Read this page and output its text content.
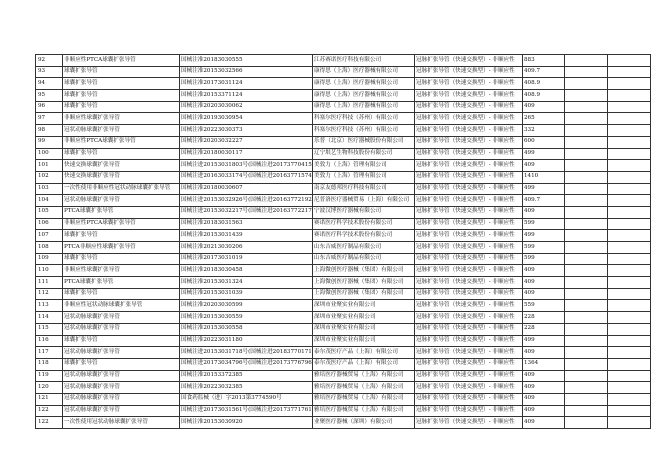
92	非顺应性PTCA球囊扩张导管	国械注准20183030555	江苏赛诺医疗科技有限公司	冠脉扩张导管（快速交换型）- 非顺应性	883		
93	球囊扩张导管	国械注准20153032566	康得思（上海）医疗器械有限公司	冠脉扩张导管（快速交换型）- 非顺应性	409.7		
94	球囊扩张导管	国械注准20173031124	康得思（上海）医疗器械有限公司	冠脉扩张导管（快速交换型）- 非顺应性	408.9		
95	球囊扩张导管	国械注准20153371124	康得思（上海）医疗器械有限公司	冠脉扩张导管（快速交换型）- 非顺应性	408.9		
96	球囊扩张导管	国械注准20203030062	康得思（上海）医疗器械有限公司	冠脉扩张导管（快速交换型）- 非顺应性	409		
97	非顺应性球囊扩张导管	国械注准20193030954	科塞尔医疗科技（苏州）有限公司	冠脉扩张导管（快速交换型）- 非顺应性	265		
98	冠状动脉球囊扩张导管	国械注准20223030373	科塞尔医疗科技（苏州）有限公司	冠脉扩张导管（快速交换型）- 非顺应性	332		
99	非顺应性PTCA球囊扩张导管	国械注准20203032227	乐普（北京）医疗器械股份有限公司	冠脉扩张导管（快速交换型）- 非顺应性	600		
100	球囊扩张导管	国械注准20180030117	辽宁垠艺生物科技股份有限公司	冠脉扩张导管（快速交换型）- 非顺应性	499		
101	快速交换球囊扩张导管	国械注进20153031803号(国械注进20173770415	美敦力（上海）管理有限公司	冠脉扩张导管（快速交换型）- 非顺应性	409		
102	快速交换球囊扩张导管	国械注进20163033174号(国械注进20163771574	美敦力（上海）管理有限公司	冠脉扩张导管（快速交换型）- 非顺应性	1410		
103	一次性使用非顺应性冠状动脉球囊扩张导管	国械注准20180030607	南京友德邦医疗科技有限公司	冠脉扩张导管（快速交换型）- 非顺应性	499		
104	冠状动脉球囊扩张导管	国械注进20153032926号(国械注进20163772192	尼普洛医疗器械贸易（上海）有限公司	冠脉扩张导管（快速交换型）- 非顺应性	409.7		
105	PTCA球囊扩张导管	国械注进20153032217号(国械注进20163772217	宁波汉博医疗器械有限公司	冠脉扩张导管（快速交换型）- 非顺应性	409		
106	非顺应性PTCA球囊扩张导管	国械注准20183031563	赛诺医疗科学技术股份有限公司	冠脉扩张导管（快速交换型）- 非顺应性	599		
107	球囊扩张导管	国械注准20153031439	赛诺医疗科学技术股份有限公司	冠脉扩张导管（快速交换型）- 非顺应性	499		
108	PTCA非顺应性球囊扩张导管	国械注准20213030206	山东吉威医疗制品有限公司	冠脉扩张导管（快速交换型）- 非顺应性	599		
109	球囊扩张导管	国械注准20173031019	山东吉威医疗制品有限公司	冠脉扩张导管（快速交换型）- 非顺应性	599		
110	非顺应性球囊扩张导管	国械注准20183030458	上海微创医疗器械（集团）有限公司	冠脉扩张导管（快速交换型）- 非顺应性	409		
111	PTCA球囊扩张导管	国械注准20153031324	上海微创医疗器械（集团）有限公司	冠脉扩张导管（快速交换型）- 非顺应性	409		
112	球囊扩张导管	国械注准20153031039	上海微创医疗器械（集团）有限公司	冠脉扩张导管（快速交换型）- 非顺应性	409		
113	非顺应性冠状动脉球囊扩张导管	国械注准20203030599	深圳市业聚实业有限公司	冠脉扩张导管（快速交换型）- 非顺应性	559		
114	冠状动脉球囊扩张导管	国械注准20153030559	深圳市业聚实业有限公司	冠脉扩张导管（快速交换型）- 非顺应性	228		
115	冠状动脉球囊扩张导管	国械注准20153030558	深圳市业聚实业有限公司	冠脉扩张导管（快速交换型）- 非顺应性	228		
116	球囊扩张导管	国械注准20223031180	深圳市业聚实业有限公司	冠脉扩张导管（快速交换型）- 非顺应性	499		
117	冠状动脉球囊扩张导管	国械注进20153031718号(国械注进20183770171	泰尔茂医疗产品（上海）有限公司	冠脉扩张导管（快速交换型）- 非顺应性	409		
118	球囊扩张导管	国械注进20173034796号(国械注进20173776796	泰尔茂医疗产品（上海）有限公司	冠脉扩张导管（快速交换型）- 非顺应性	1364		
119	冠状动脉球囊扩张导管	国械注准20153372385	雅培医疗器械贸易（上海）有限公司	冠脉扩张导管（快速交换型）- 非顺应性	409		
120	冠状动脉球囊扩张导管	国械注准20223032385	雅培医疗器械贸易（上海）有限公司	冠脉扩张导管（快速交换型）- 非顺应性	409		
121	冠状动脉球囊扩张导管	国食药监械（进）字2013第3774590号	雅培医疗器械贸易（上海）有限公司	冠脉扩张导管（快速交换型）- 非顺应性	409		
122	冠状动脉球囊扩张导管	国械注进20173031561号(国械注进20173771761	雅培医疗器械贸易（上海）有限公司	冠脉扩张导管（快速交换型）- 非顺应性	409		
122	一次性使用冠状动脉球囊扩张导管	国械注准20153030920	业聚医疗器械（深圳）有限公司	冠脉扩张导管（快速交换型）- 非顺应性	409		
